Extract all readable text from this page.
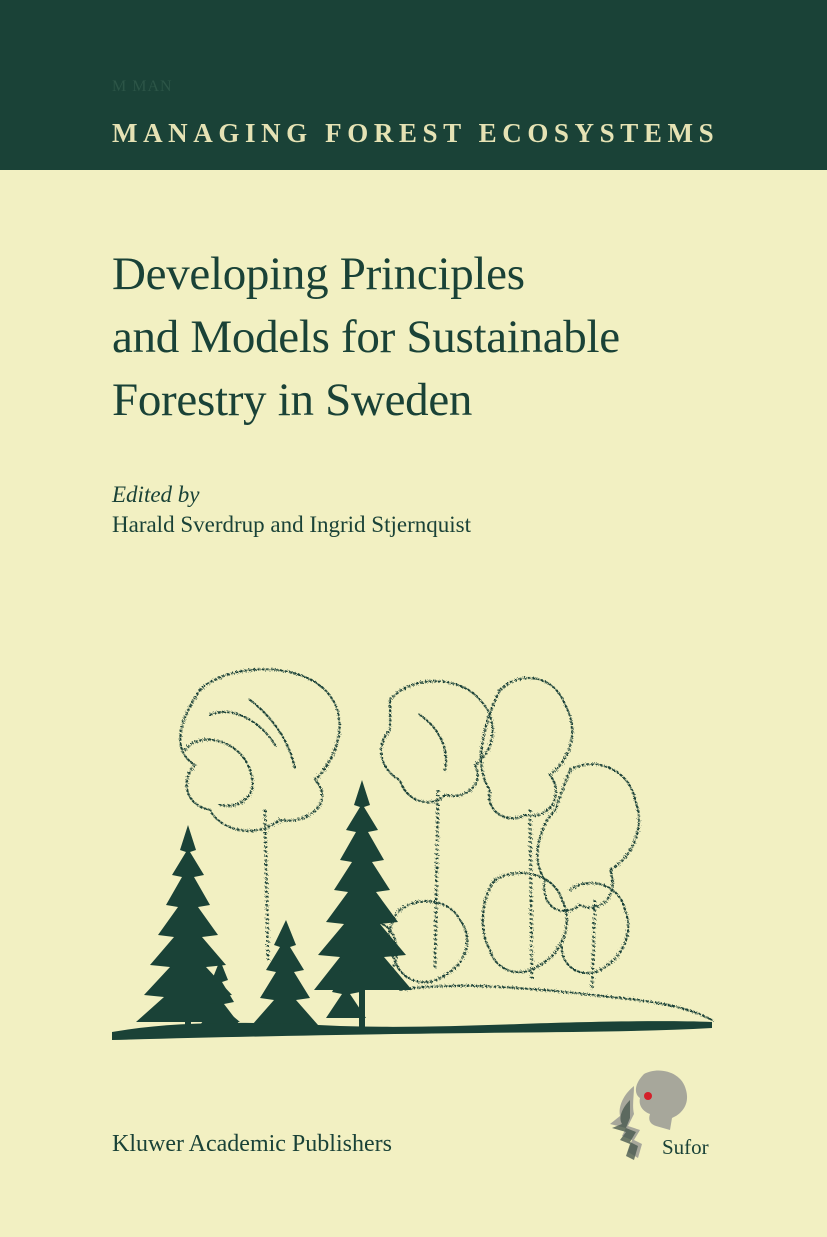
M MAN
MANAGING FOREST ECOSYSTEMS
Developing Principles
and Models for Sustainable
Forestry in Sweden
Edited by
Harald Sverdrup and Ingrid Stjernquist
Kluwer Academic Publishers	Sufor
